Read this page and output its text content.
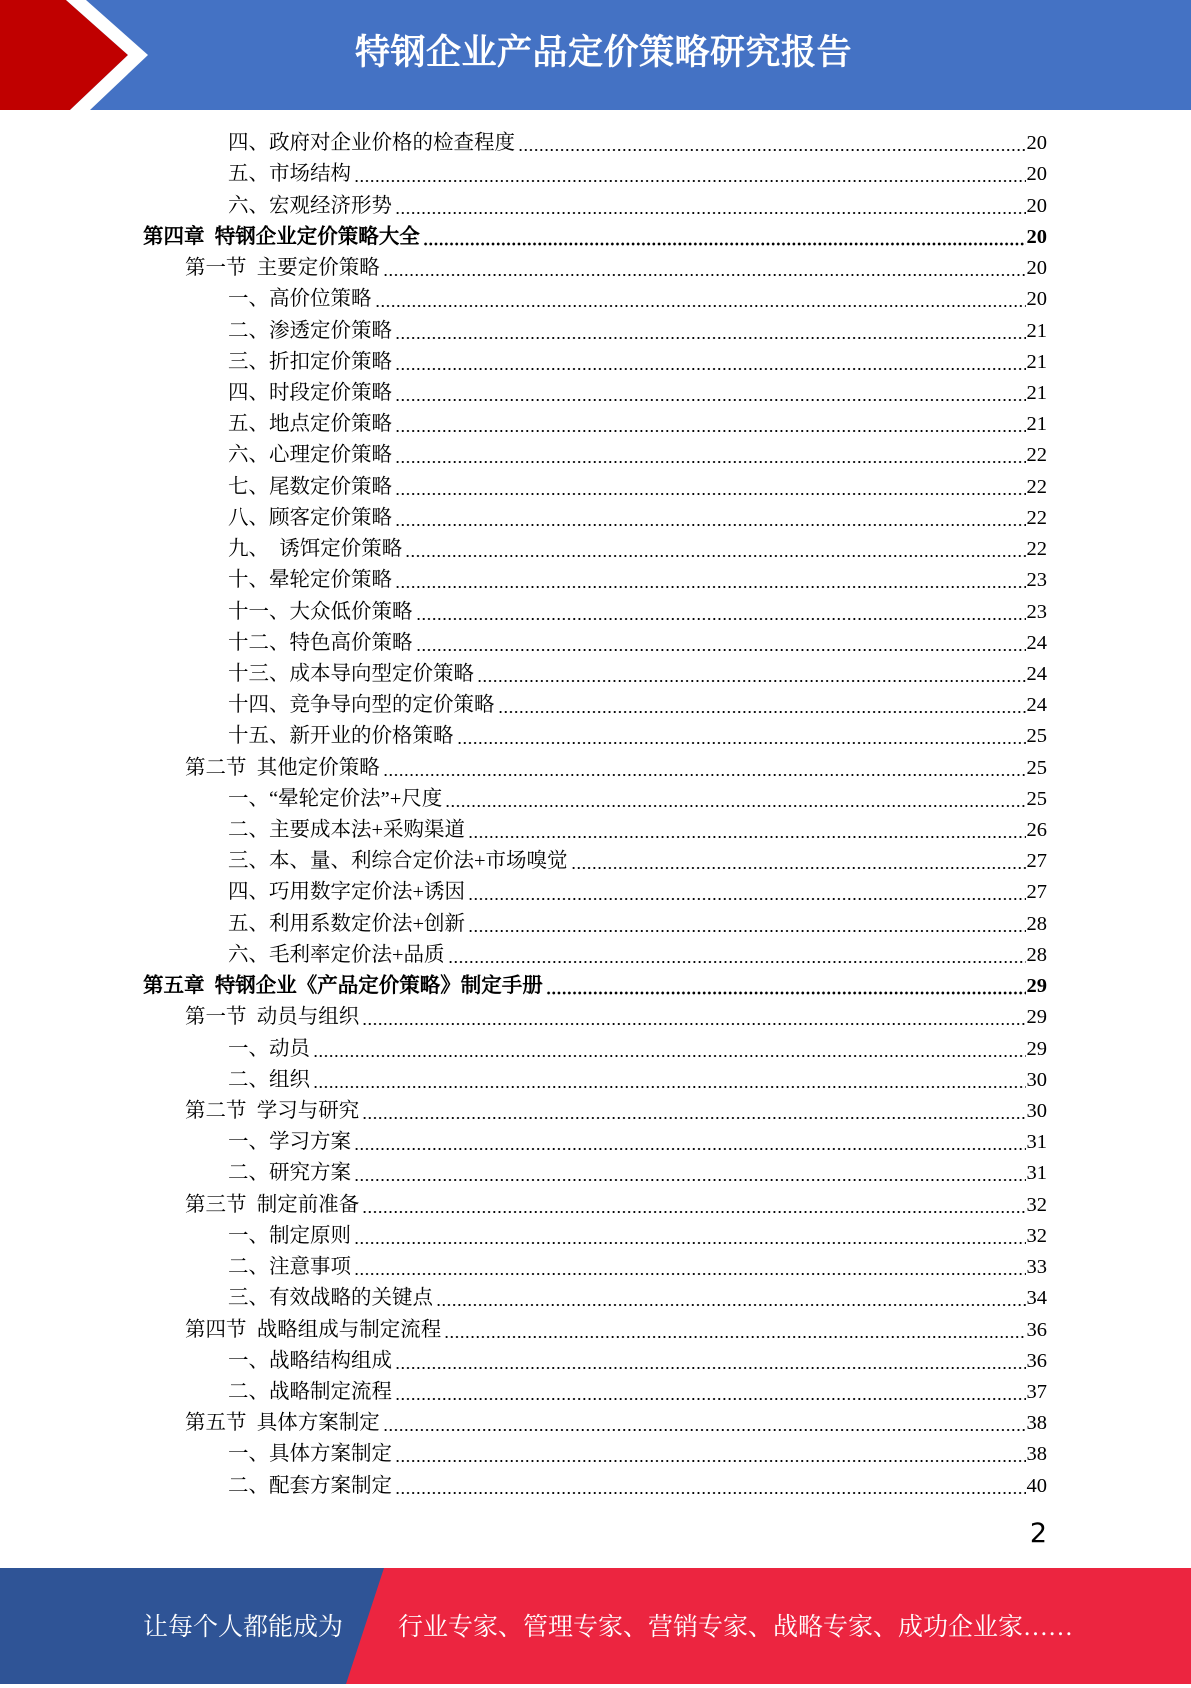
特钢企业产品定价策略研究报告
四、政府对企业价格的检查程度	20
五、市场结构	20
六、宏观经济形势	20
第四章  特钢企业定价策略大全	20
第一节  主要定价策略	20
一、高价位策略	20
二、渗透定价策略	21
三、折扣定价策略	21
四、时段定价策略	21
五、地点定价策略	21
六、心理定价策略	22
七、尾数定价策略	22
八、顾客定价策略	22
九、  诱饵定价策略	22
十、晕轮定价策略	23
十一、大众低价策略	23
十二、特色高价策略	24
十三、成本导向型定价策略	24
十四、竞争导向型的定价策略	24
十五、新开业的价格策略	25
第二节  其他定价策略	25
一、“晕轮定价法”+尺度	25
二、主要成本法+采购渠道	26
三、本、量、利综合定价法+市场嗅觉	27
四、巧用数字定价法+诱因	27
五、利用系数定价法+创新	28
六、毛利率定价法+品质	28
第五章  特钢企业《产品定价策略》制定手册	29
第一节  动员与组织	29
一、动员	29
二、组织	30
第二节  学习与研究	30
一、学习方案	31
二、研究方案	31
第三节  制定前准备	32
一、制定原则	32
二、注意事项	33
三、有效战略的关键点	34
第四节  战略组成与制定流程	36
一、战略结构组成	36
二、战略制定流程	37
第五节  具体方案制定	38
一、具体方案制定	38
二、配套方案制定	40
2
让每个人都能成为 行业专家、管理专家、营销专家、战略专家、成功企业家……
